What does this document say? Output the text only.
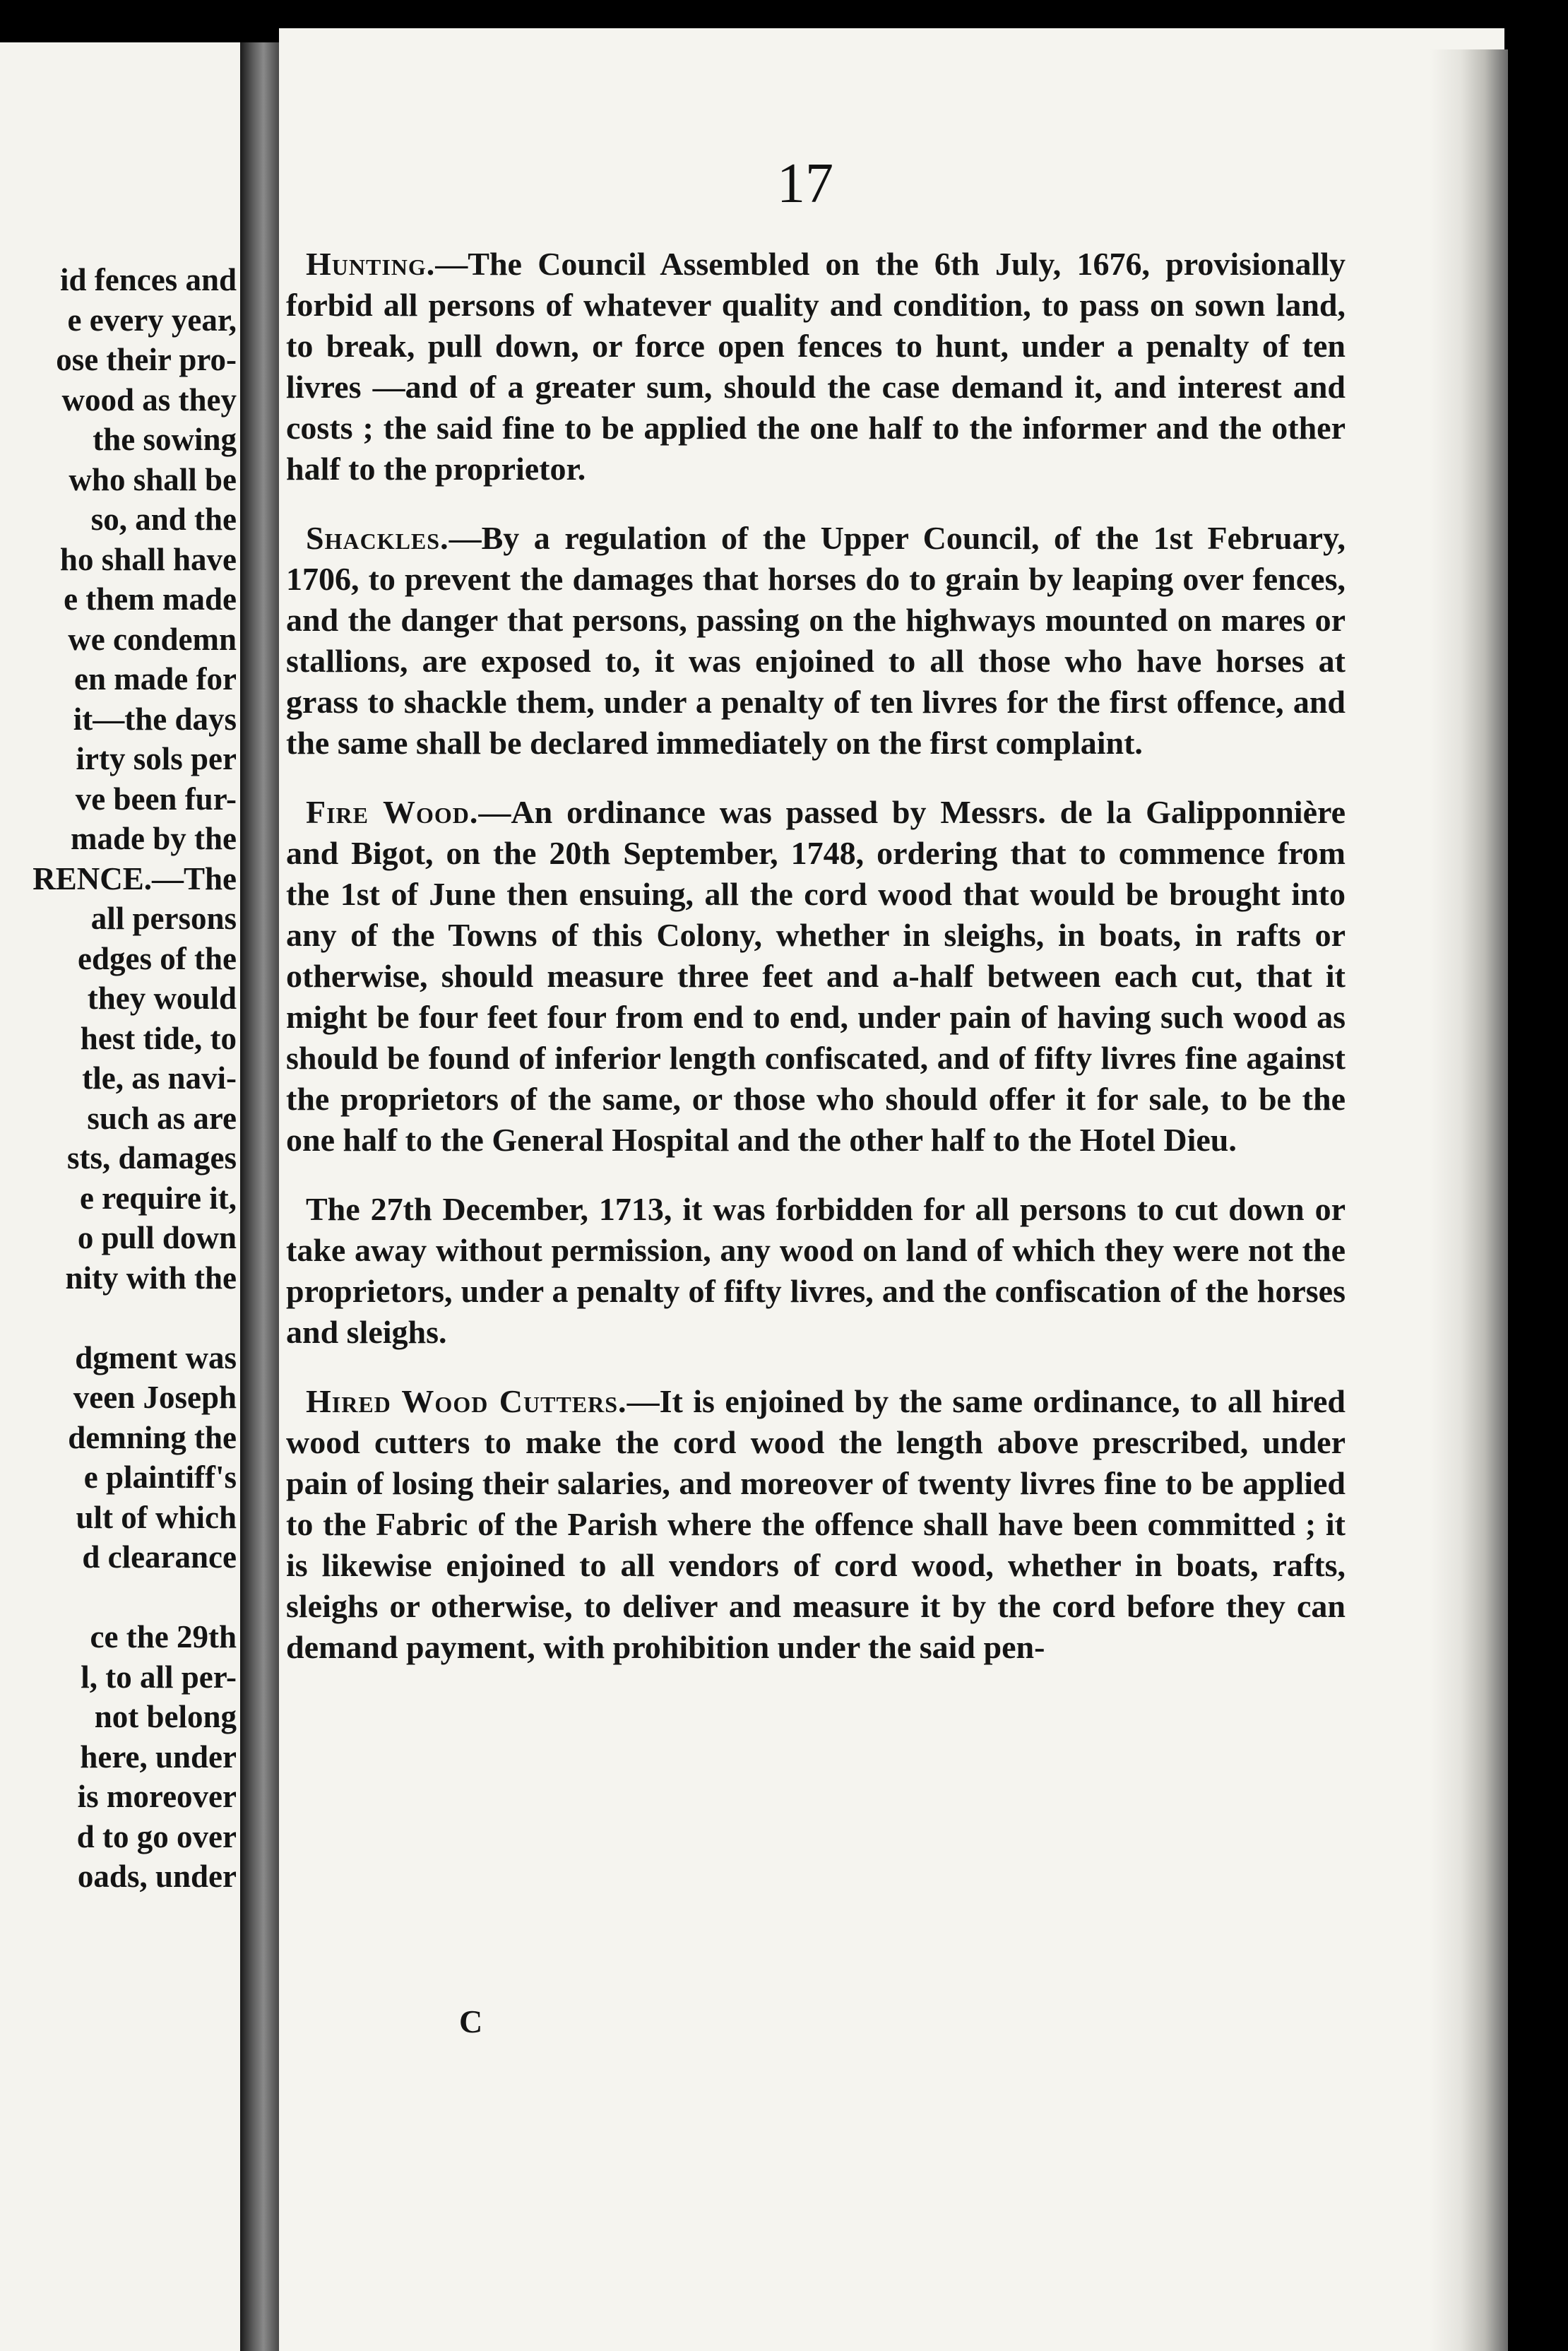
id fences and
e every year,
ose their pro-
wood as they
the sowing
who shall be
so, and the
ho shall have
e them made
we condemn
en made for
it—the days
irty sols per
ve been fur-
made by the
RENCE.—The
all persons
edges of the
they would
hest tide, to
tle, as navi-
such as are
sts, damages
e require it,
o pull down
nity with the
dgment was
veen Joseph
demning the
e plaintiff's
ult of which
d clearance
ce the 29th
l, to all per-
not belong
here, under
is moreover
d to go over
oads, under
17

Hunting.—The Council Assembled on the 6th July, 1676, provisionally forbid all persons of whatever quality and condition, to pass on sown land, to break, pull down, or force open fences to hunt, under a penalty of ten livres —and of a greater sum, should the case demand it, and interest and costs ; the said fine to be applied the one half to the informer and the other half to the proprietor.

Shackles.—By a regulation of the Upper Council, of the 1st February, 1706, to prevent the damages that horses do to grain by leaping over fences, and the danger that persons, passing on the highways mounted on mares or stallions, are exposed to, it was enjoined to all those who have horses at grass to shackle them, under a penalty of ten livres for the first offence, and the same shall be declared immediately on the first complaint.

Fire Wood.—An ordinance was passed by Messrs. de la Galipponnière and Bigot, on the 20th September, 1748, ordering that to commence from the 1st of June then ensuing, all the cord wood that would be brought into any of the Towns of this Colony, whether in sleighs, in boats, in rafts or otherwise, should measure three feet and a-half between each cut, that it might be four feet four from end to end, under pain of having such wood as should be found of inferior length confiscated, and of fifty livres fine against the proprietors of the same, or those who should offer it for sale, to be the one half to the General Hospital and the other half to the Hotel Dieu.

The 27th December, 1713, it was forbidden for all persons to cut down or take away without permission, any wood on land of which they were not the proprietors, under a penalty of fifty livres, and the confiscation of the horses and sleighs.

Hired Wood Cutters.—It is enjoined by the same ordinance, to all hired wood cutters to make the cord wood the length above prescribed, under pain of losing their salaries, and moreover of twenty livres fine to be applied to the Fabric of the Parish where the offence shall have been committed ; it is likewise enjoined to all vendors of cord wood, whether in boats, rafts, sleighs or otherwise, to deliver and measure it by the cord before they can demand payment, with prohibition under the said pen-

C
